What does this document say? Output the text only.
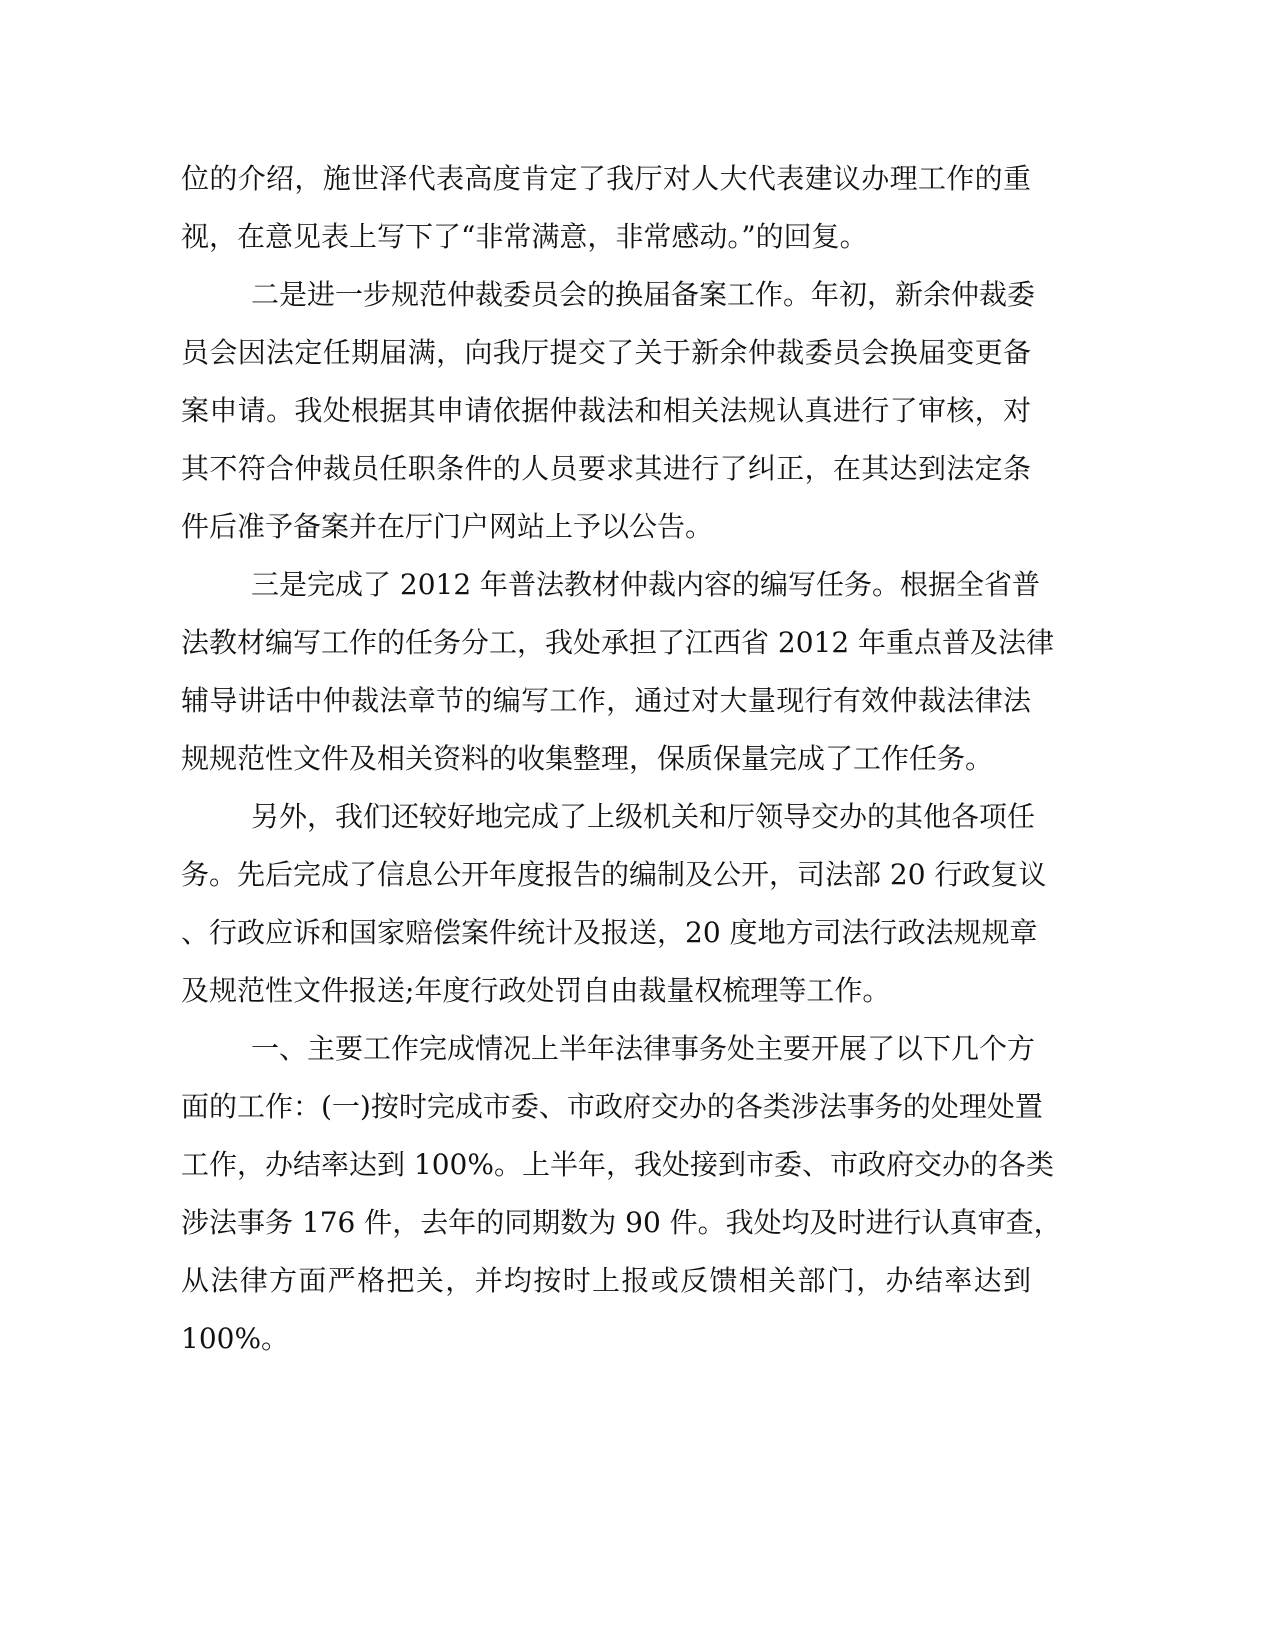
位的介绍，施世泽代表高度肯定了我厅对人大代表建议办理工作的重
视，在意见表上写下了“非常满意，非常感动。”的回复。
二是进一步规范仲裁委员会的换届备案工作。年初，新余仲裁委
员会因法定任期届满，向我厅提交了关于新余仲裁委员会换届变更备
案申请。我处根据其申请依据仲裁法和相关法规认真进行了审核，对
其不符合仲裁员任职条件的人员要求其进行了纠正，在其达到法定条
件后准予备案并在厅门户网站上予以公告。
三是完成了 2012 年普法教材仲裁内容的编写任务。根据全省普
法教材编写工作的任务分工，我处承担了江西省 2012 年重点普及法律
辅导讲话中仲裁法章节的编写工作，通过对大量现行有效仲裁法律法
规规范性文件及相关资料的收集整理，保质保量完成了工作任务。
另外，我们还较好地完成了上级机关和厅领导交办的其他各项任
务。先后完成了信息公开年度报告的编制及公开，司法部 20 行政复议
、行政应诉和国家赔偿案件统计及报送，20 度地方司法行政法规规章
及规范性文件报送;年度行政处罚自由裁量权梳理等工作。
一、主要工作完成情况上半年法律事务处主要开展了以下几个方
面的工作：(一)按时完成市委、市政府交办的各类涉法事务的处理处置
工作，办结率达到 100%。上半年，我处接到市委、市政府交办的各类
涉法事务 176 件，去年的同期数为 90 件。我处均及时进行认真审查，
从法律方面严格把关，并均按时上报或反馈相关部门，办结率达到
100%。
